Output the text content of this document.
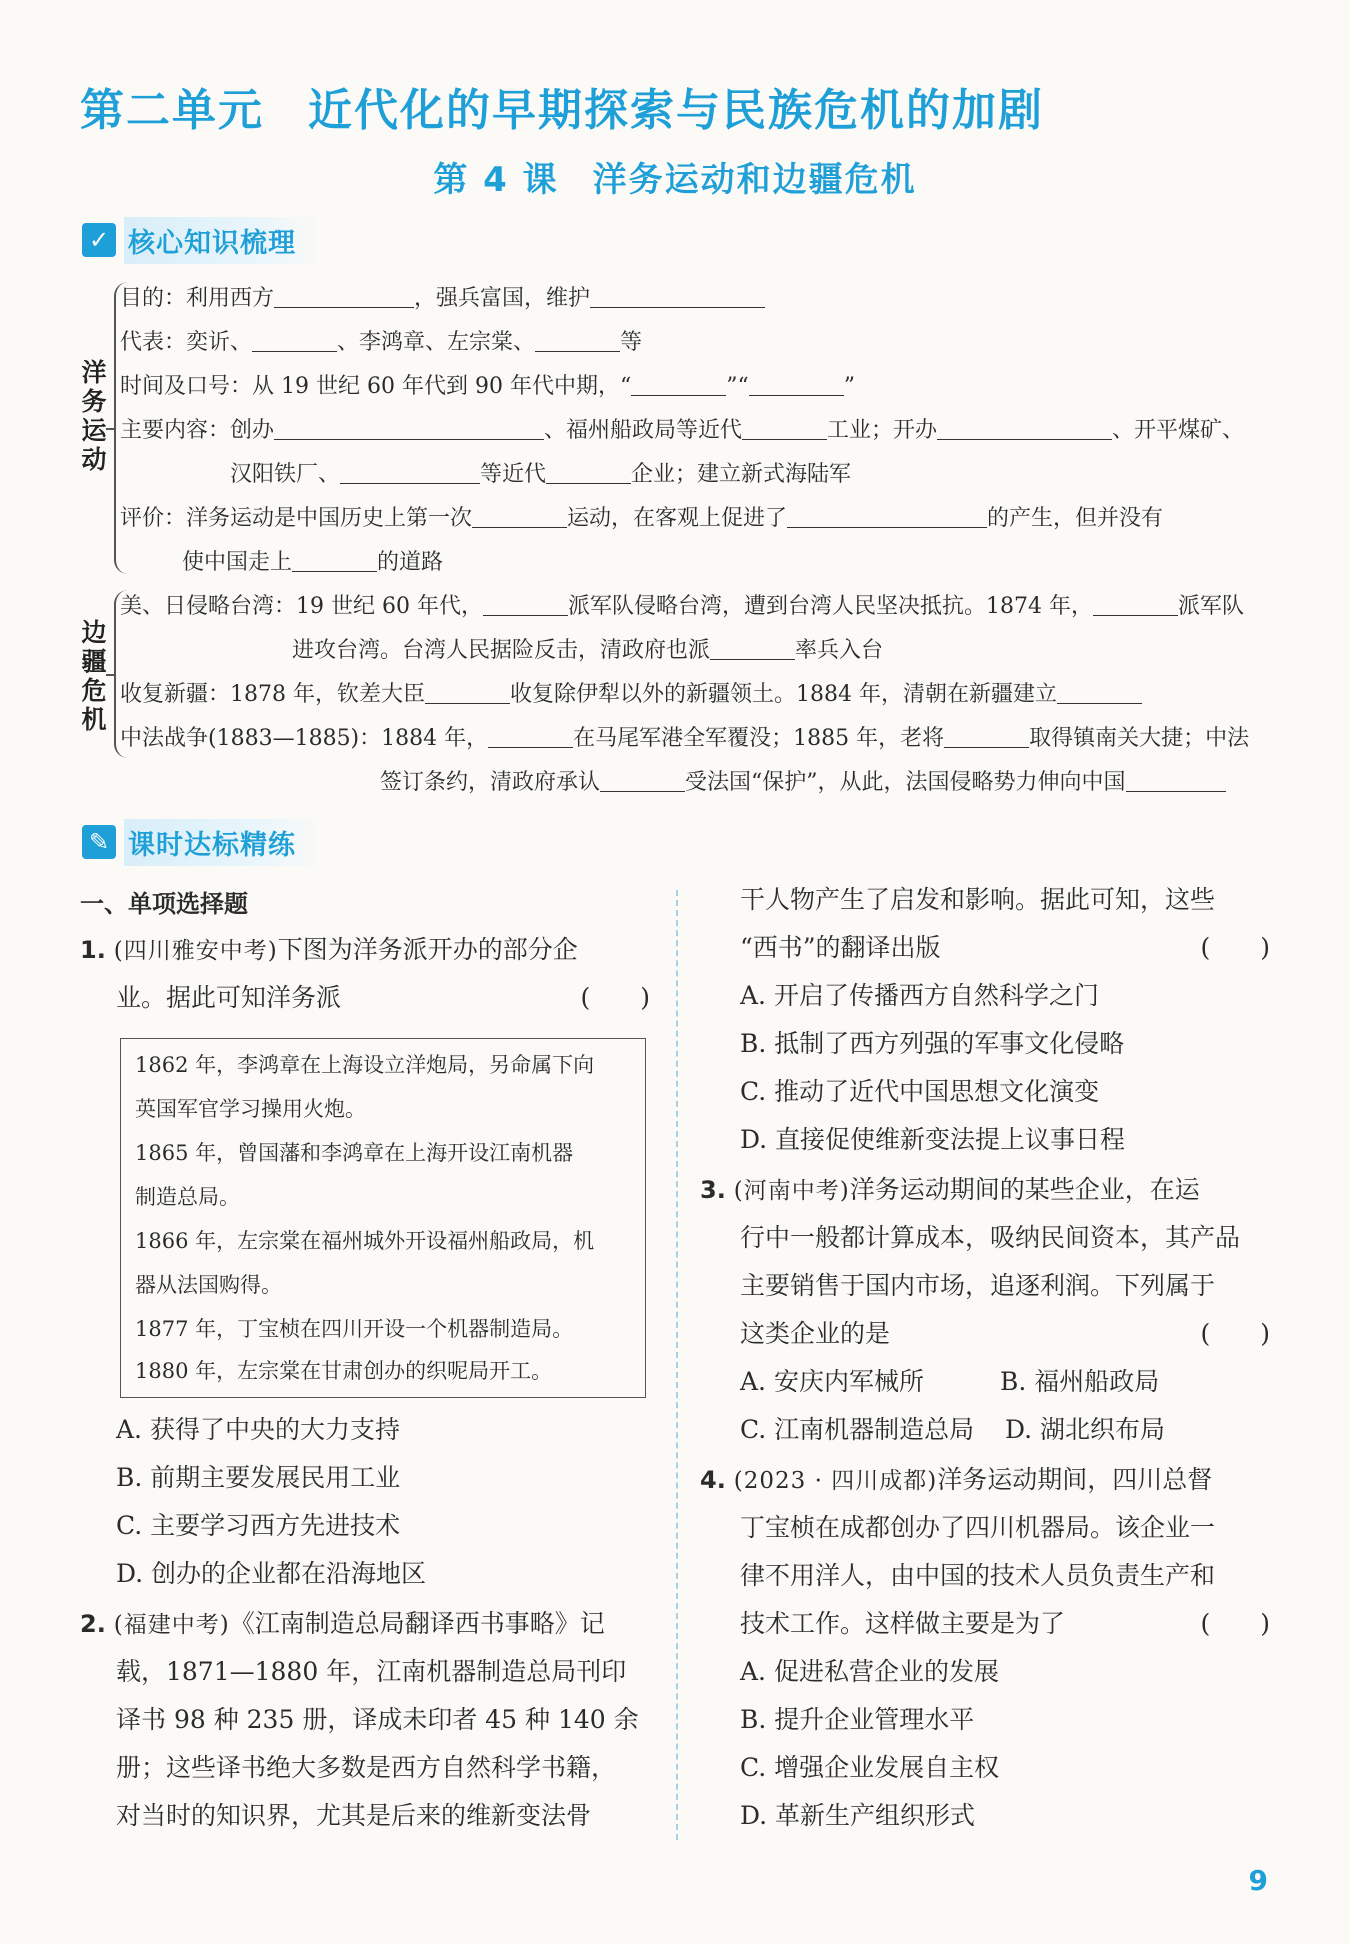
第二单元 近代化的早期探索与民族危机的加剧
第 4 课 洋务运动和边疆危机
✓ 核心知识梳理
洋务运动
目的：利用西方	，强兵富国，维护
代表：奕䜣、	、李鸿章、左宗棠、	等
时间及口号：从 19 世纪 60 年代到 90 年代中期，“	”“	”
主要内容：创办	、福州船政局等近代	工业；开办	、开平煤矿、
汉阳铁厂、	等近代	企业；建立新式海陆军
评价：洋务运动是中国历史上第一次	运动，在客观上促进了	的产生，但并没有
使中国走上	的道路
边疆危机
美、日侵略台湾：19 世纪 60 年代，	派军队侵略台湾，遭到台湾人民坚决抵抗。1874 年，	派军队
进攻台湾。台湾人民据险反击，清政府也派	率兵入台
收复新疆：1878 年，钦差大臣	收复除伊犁以外的新疆领土。1884 年，清朝在新疆建立
中法战争(1883—1885)：1884 年，	在马尾军港全军覆没；1885 年，老将	取得镇南关大捷；中法
签订条约，清政府承认	受法国“保护”，从此，法国侵略势力伸向中国
✎ 课时达标精练
一、单项选择题
1. (四川雅安中考)下图为洋务派开办的部分企
业。据此可知洋务派	(　　)
1862 年，李鸿章在上海设立洋炮局，另命属下向
英国军官学习操用火炮。
1865 年，曾国藩和李鸿章在上海开设江南机器
制造总局。
1866 年，左宗棠在福州城外开设福州船政局，机
器从法国购得。
1877 年，丁宝桢在四川开设一个机器制造局。
1880 年，左宗棠在甘肃创办的织呢局开工。
A. 获得了中央的大力支持
B. 前期主要发展民用工业
C. 主要学习西方先进技术
D. 创办的企业都在沿海地区
2. (福建中考)《江南制造总局翻译西书事略》记
载，1871—1880 年，江南机器制造总局刊印
译书 98 种 235 册，译成未印者 45 种 140 余
册；这些译书绝大多数是西方自然科学书籍，
对当时的知识界，尤其是后来的维新变法骨
干人物产生了启发和影响。据此可知，这些
“西书”的翻译出版	(　　)
A. 开启了传播西方自然科学之门
B. 抵制了西方列强的军事文化侵略
C. 推动了近代中国思想文化演变
D. 直接促使维新变法提上议事日程
3. (河南中考)洋务运动期间的某些企业，在运
行中一般都计算成本，吸纳民间资本，其产品
主要销售于国内市场，追逐利润。下列属于
这类企业的是	(　　)
A. 安庆内军械所	B. 福州船政局
C. 江南机器制造总局 D. 湖北织布局
4. (2023 · 四川成都)洋务运动期间，四川总督
丁宝桢在成都创办了四川机器局。该企业一
律不用洋人，由中国的技术人员负责生产和
技术工作。这样做主要是为了	(　　)
A. 促进私营企业的发展
B. 提升企业管理水平
C. 增强企业发展自主权
D. 革新生产组织形式
9
